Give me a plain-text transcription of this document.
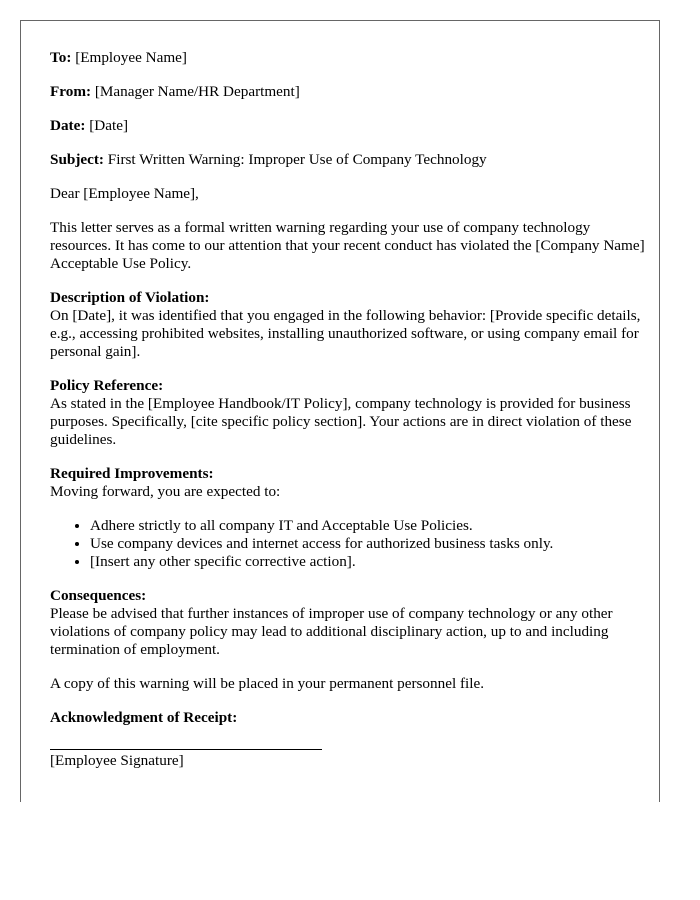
To: [Employee Name]
From: [Manager Name/HR Department]
Date: [Date]
Subject: First Written Warning: Improper Use of Company Technology

Dear [Employee Name],

This letter serves as a formal written warning regarding your use of company technology resources. It has come to our attention that your recent conduct has violated the [Company Name] Acceptable Use Policy.

Description of Violation:
On [Date], it was identified that you engaged in the following behavior: [Provide specific details, e.g., accessing prohibited websites, installing unauthorized software, or using company email for personal gain].
Policy Reference:
As stated in the [Employee Handbook/IT Policy], company technology is provided for business purposes. Specifically, [cite specific policy section]. Your actions are in direct violation of these guidelines.
Required Improvements:
Moving forward, you are expected to:
• Adhere strictly to all company IT and Acceptable Use Policies.
• Use company devices and internet access for authorized business tasks only.
• [Insert any other specific corrective action].
Consequences:
Please be advised that further instances of improper use of company technology or any other violations of company policy may lead to additional disciplinary action, up to and including termination of employment.

A copy of this warning will be placed in your permanent personnel file.

Acknowledgment of Receipt:
[Employee Signature]
